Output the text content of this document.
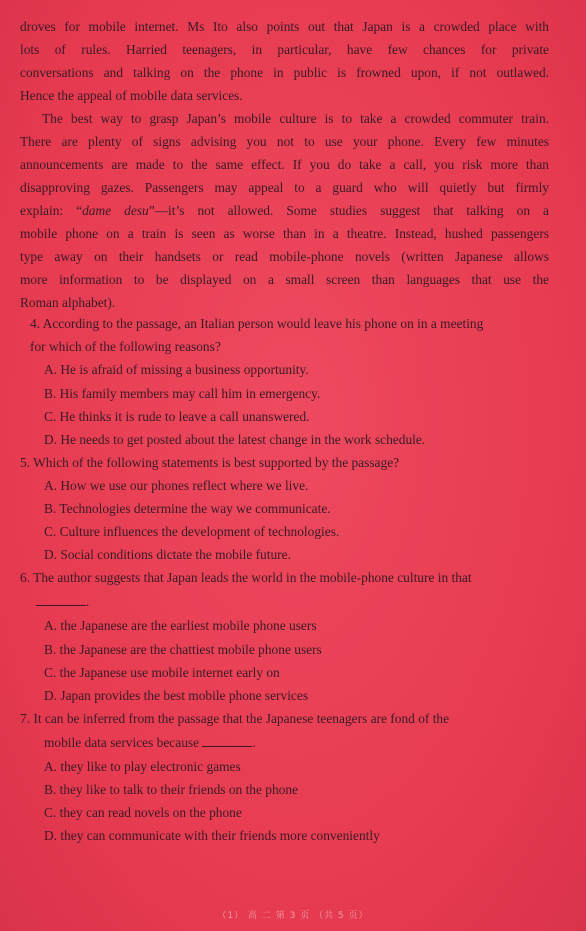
droves for mobile internet. Ms Ito also points out that Japan is a crowded place with
lots of rules. Harried teenagers, in particular, have few chances for private
conversations and talking on the phone in public is frowned upon, if not outlawed.
Hence the appeal of mobile data services.
The best way to grasp Japan’s mobile culture is to take a crowded commuter train.
There are plenty of signs advising you not to use your phone. Every few minutes
announcements are made to the same effect. If you do take a call, you risk more than
disapproving gazes. Passengers may appeal to a guard who will quietly but firmly
explain: “dame desu”—it’s not allowed. Some studies suggest that talking on a
mobile phone on a train is seen as worse than in a theatre. Instead, hushed passengers
type away on their handsets or read mobile-phone novels (written Japanese allows
more information to be displayed on a small screen than languages that use the
Roman alphabet).
4. According to the passage, an Italian person would leave his phone on in a meeting
for which of the following reasons?
A. He is afraid of missing a business opportunity.
B. His family members may call him in emergency.
C. He thinks it is rude to leave a call unanswered.
D. He needs to get posted about the latest change in the work schedule.
5. Which of the following statements is best supported by the passage?
A. How we use our phones reflect where we live.
B. Technologies determine the way we communicate.
C. Culture influences the development of technologies.
D. Social conditions dictate the mobile future.
6. The author suggests that Japan leads the world in the mobile-phone culture in that
.
A. the Japanese are the earliest mobile phone users
B. the Japanese are the chattiest mobile phone users
C. the Japanese use mobile internet early on
D. Japan provides the best mobile phone services
7. It can be inferred from the passage that the Japanese teenagers are fond of the
mobile data services because	.
A. they like to play electronic games
B. they like to talk to their friends on the phone
C. they can read novels on the phone
D. they can communicate with their friends more conveniently
（1） 高 二 第 3 页 （共 5 页）
